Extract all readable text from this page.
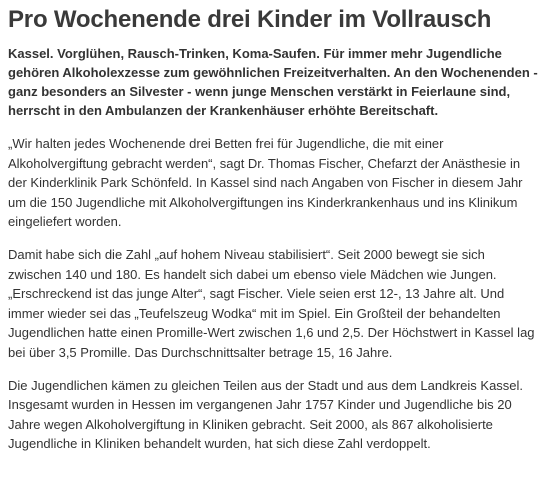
Pro Wochenende drei Kinder im Vollrausch

Kassel. Vorglühen, Rausch-Trinken, Koma-Saufen. Für immer mehr Jugendliche gehören Alkoholexzesse zum gewöhnlichen Freizeitverhalten. An den Wochenenden - ganz besonders an Silvester - wenn junge Menschen verstärkt in Feierlaune sind, herrscht in den Ambulanzen der Krankenhäuser erhöhte Bereitschaft.

„Wir halten jedes Wochenende drei Betten frei für Jugendliche, die mit einer Alkoholvergiftung gebracht werden“, sagt Dr. Thomas Fischer, Chefarzt der Anästhesie in der Kinderklinik Park Schönfeld. In Kassel sind nach Angaben von Fischer in diesem Jahr um die 150 Jugendliche mit Alkoholvergiftungen ins Kinderkrankenhaus und ins Klinikum eingeliefert worden.

Damit habe sich die Zahl „auf hohem Niveau stabilisiert“. Seit 2000 bewegt sie sich zwischen 140 und 180. Es handelt sich dabei um ebenso viele Mädchen wie Jungen. „Erschreckend ist das junge Alter“, sagt Fischer. Viele seien erst 12-, 13 Jahre alt. Und immer wieder sei das „Teufelszeug Wodka“ mit im Spiel. Ein Großteil der behandelten Jugendlichen hatte einen Promille-Wert zwischen 1,6 und 2,5. Der Höchstwert in Kassel lag bei über 3,5 Promille. Das Durchschnittsalter betrage 15, 16 Jahre.

Die Jugendlichen kämen zu gleichen Teilen aus der Stadt und aus dem Landkreis Kassel. Insgesamt wurden in Hessen im vergangenen Jahr 1757 Kinder und Jugendliche bis 20 Jahre wegen Alkoholvergiftung in Kliniken gebracht. Seit 2000, als 867 alkoholisierte Jugendliche in Kliniken behandelt wurden, hat sich diese Zahl verdoppelt.
